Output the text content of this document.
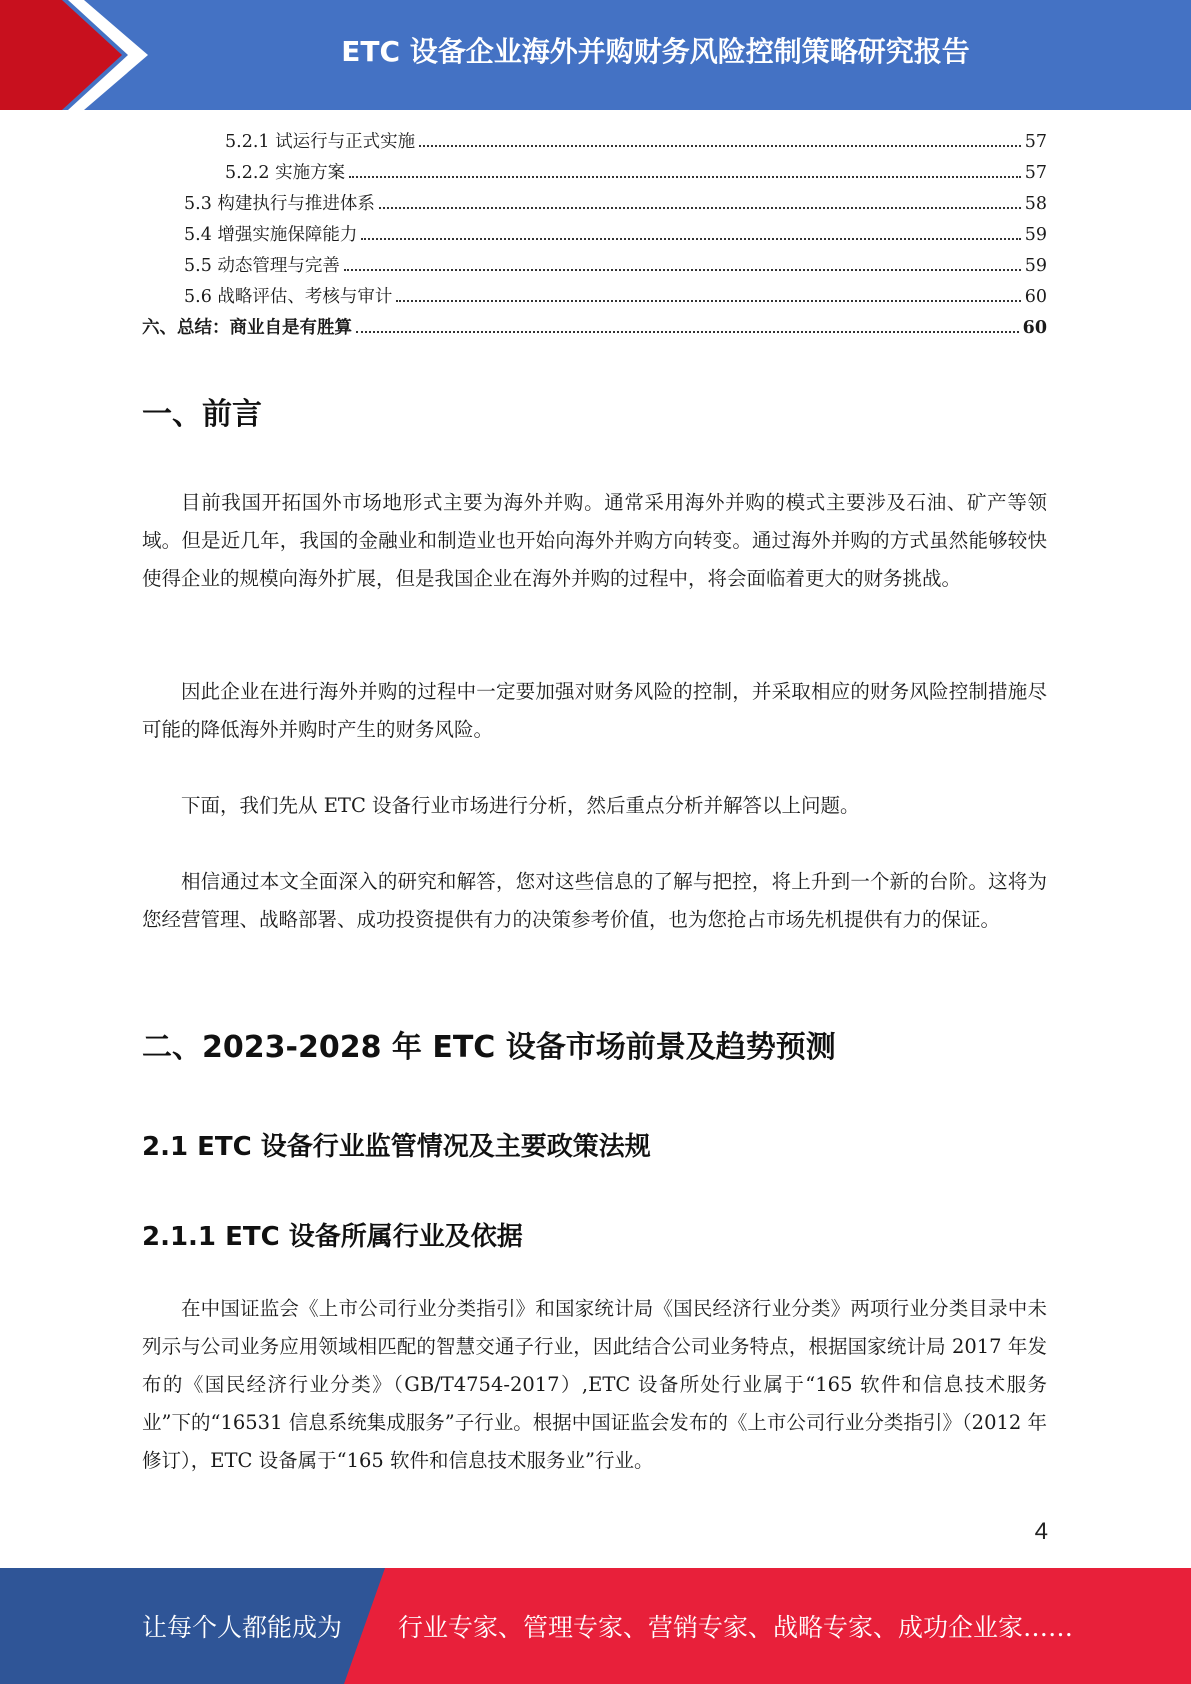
ETC 设备企业海外并购财务风险控制策略研究报告
5.2.1 试运行与正式实施	57
5.2.2 实施方案	57
5.3 构建执行与推进体系	58
5.4 增强实施保障能力	59
5.5 动态管理与完善	59
5.6 战略评估、考核与审计	60
六、总结：商业自是有胜算	60
一、前言

目前我国开拓国外市场地形式主要为海外并购。通常采用海外并购的模式主要涉及石油、矿产等领域。但是近几年，我国的金融业和制造业也开始向海外并购方向转变。通过海外并购的方式虽然能够较快使得企业的规模向海外扩展，但是我国企业在海外并购的过程中，将会面临着更大的财务挑战。

因此企业在进行海外并购的过程中一定要加强对财务风险的控制，并采取相应的财务风险控制措施尽可能的降低海外并购时产生的财务风险。

下面，我们先从 ETC 设备行业市场进行分析，然后重点分析并解答以上问题。

相信通过本文全面深入的研究和解答，您对这些信息的了解与把控，将上升到一个新的台阶。这将为您经营管理、战略部署、成功投资提供有力的决策参考价值，也为您抢占市场先机提供有力的保证。

二、2023-2028 年 ETC 设备市场前景及趋势预测
2.1 ETC 设备行业监管情况及主要政策法规
2.1.1 ETC 设备所属行业及依据

在中国证监会《上市公司行业分类指引》和国家统计局《国民经济行业分类》两项行业分类目录中未列示与公司业务应用领域相匹配的智慧交通子行业，因此结合公司业务特点，根据国家统计局 2017 年发布的《国民经济行业分类》（GB/T4754-2017）,ETC 设备所处行业属于“165 软件和信息技术服务业”下的“16531 信息系统集成服务”子行业。根据中国证监会发布的《上市公司行业分类指引》（2012 年修订），ETC 设备属于“165 软件和信息技术服务业”行业。

4
让每个人都能成为 行业专家、管理专家、营销专家、战略专家、成功企业家……
